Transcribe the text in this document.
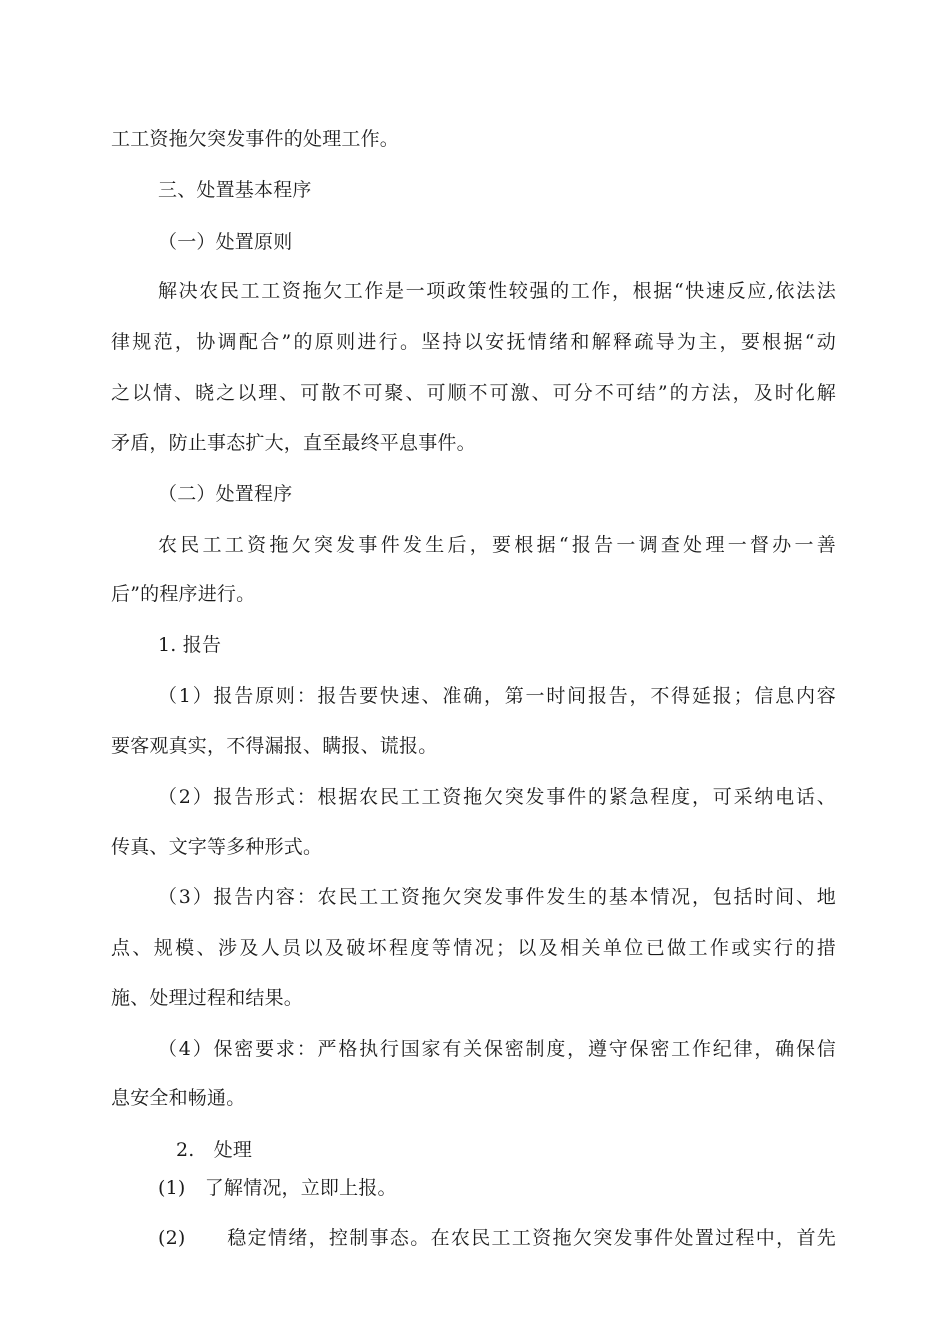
工工资拖欠突发事件的处理工作。
三、处置基本程序
（一）处置原则
解决农民工工资拖欠工作是一项政策性较强的工作，根据“快速反应,依法法
律规范，协调配合”的原则进行。坚持以安抚情绪和解释疏导为主，要根据“动
之以情、晓之以理、可散不可聚、可顺不可激、可分不可结”的方法，及时化解
矛盾，防止事态扩大，直至最终平息事件。
（二）处置程序
农民工工资拖欠突发事件发生后，要根据“报告一调查处理一督办一善
后”的程序进行。
1. 报告
（1）报告原则：报告要快速、准确，第一时间报告，不得延报；信息内容
要客观真实，不得漏报、瞒报、谎报。
（2）报告形式：根据农民工工资拖欠突发事件的紧急程度，可采纳电话、
传真、文字等多种形式。
（3）报告内容：农民工工资拖欠突发事件发生的基本情况，包括时间、地
点、规模、涉及人员以及破坏程度等情况；以及相关单位已做工作或实行的措
施、处理过程和结果。
（4）保密要求：严格执行国家有关保密制度，遵守保密工作纪律，确保信
息安全和畅通。
2.　处理
(1)　了解情况，立即上报。
(2)　　稳定情绪，控制事态。在农民工工资拖欠突发事件处置过程中，首先
